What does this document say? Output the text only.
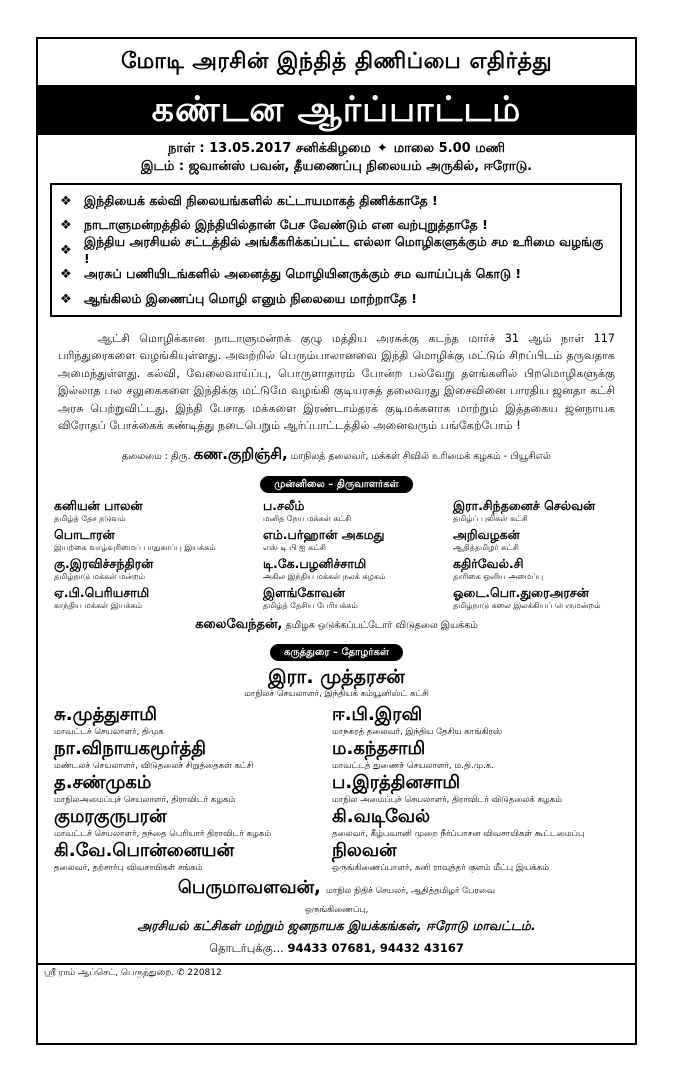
மோடி அரசின் இந்தித் திணிப்பை எதிர்த்து
கண்டன ஆர்ப்பாட்டம்
நாள் : 13.05.2017 சனிக்கிழமை ✦ மாலை 5.00 மணி
இடம் : ஜவான்ஸ் பவன், தீயணைப்பு நிலையம் அருகில், ஈரோடு.
❖ இந்தியைக் கல்வி நிலையங்களில் கட்டாயமாகத் திணிக்காதே !
❖ நாடாளுமன்றத்தில் இந்தியில்தான் பேச வேண்டும் என வற்புறுத்தாதே !
❖
இந்திய அரசியல் சட்டத்தில் அங்கீகரிக்கப்பட்ட எல்லா மொழிகளுக்கும் சம உரிமை வழங்கு !
❖ அரசுப் பணியிடங்களில் அனைத்து மொழியினருக்கும் சம வாய்ப்புக் கொடு !
❖ ஆங்கிலம் இணைப்பு மொழி எனும் நிலையை மாற்றாதே !

ஆட்சி மொழிக்கான நாடாளுமன்றக் குழு மத்திய அரசுக்கு கடந்த மார்ச் 31 ஆம் நாள் 117 பரிந்துரைகளை வழங்கியுள்ளது. அவற்றில் பெரும்பாலானவை இந்தி மொழிக்கு மட்டும் சிறப்பிடம் தருவதாக அமைந்துள்ளது. கல்வி, வேலைவாய்ப்பு, பொருளாதாரம் போன்ற பல்வேறு தளங்களில் பிறமொழிகளுக்கு இல்லாத பல சலுகைகளை இந்திக்கு மட்டுமே வழங்கி குடியரசுத் தலைவரது இசைவினை பாரதிய ஜனதா கட்சி அரசு பெற்றுவிட்டது. இந்தி பேசாத மக்களை இரண்டாம்தரக் குடிமக்களாக மாற்றும் இத்தகைய ஜனநாயக விரோதப் போக்கைக் கண்டித்து நடைபெறும் ஆர்ப்பாட்டத்தில் அனைவரும் பங்கேற்போம் !

தலைமை : திரு. கண.குறிஞ்சி, மாநிலத் தலைவர், மக்கள் சிவில் உரிமைக் கழகம் - பியூசிஎல்
முன்னிலை – திருவாளர்கள்
கனியன் பாலன்
தமிழ்த் தேச நடுவம்
ப.சலீம்
மனித நேய மக்கள் கட்சி
இரா.சிந்தனைச் செல்வன்
தமிழ்ப் புலிகள் கட்சி
பொடாரன்
இயற்கை வாழ்வுரிமைப் பாதுகாப்பு இயக்கம்
எம்.பர்ஹான் அகமது
எஸ் டி பி ஐ கட்சி
அறிவழகன்
ஆதித்தமிழர் கட்சி
கு.இரவிச்சந்திரன்
தமிழ்நாடு மக்கள் மன்றம்
டி.கே.பழனிச்சாமி
அகில இந்திய மக்கள் நலக் கழகம்
கதிர்வேல்.சி
தாரிகை ஒளிய அமைப்பு
ஏ.பி.பெரியசாமி
காந்திய மக்கள் இயக்கம்
இளங்கோவன்
தமிழ்த் தேசிய பேரியக்கம்
ஓடை.பொ.துரைஅரசன்
தமிழ்நாடு கலை இலக்கியப் பெருமன்றம்
கலைவேந்தன், தமிழக ஒடுக்கப்பட்டோர் விடுதலை இயக்கம்
கருத்துரை – தோழர்கள்
இரா. முத்தரசன்
மாநிலச் செயலாளர், இந்தியக் கம்யூனிஸ்ட் கட்சி
சு.முத்துசாமி
மாவட்டச் செயலாளர், திமுக
ஈ.பி.இரவி
மாநகரத் தலைவர், இந்திய தேசிய காங்கிரஸ்
நா.விநாயகமூர்த்தி
மண்டலச் செயலாளர், விடுதலைச் சிறுத்தைகள் கட்சி
ம.கந்தசாமி
மாவட்டத் துணைச் செயலாளர், ம.தி.மு.க.
த.சண்முகம்
மாநிலஅமைப்புச் செயலாளர், திராவிடர் கழகம்
ப.இரத்தினசாமி
மாநில அமைப்புச் செயலாளர், திராவிடர் விடுதலைக் கழகம்
குமரகுருபரன்
மாவட்டச் செயலாளர், தந்தை பெரியார் திராவிடர் கழகம்
கி.வடிவேல்
தலைவர், கீழ்பவானி முறை நீர்ப்பாசன விவசாயிகள் கூட்டமைப்பு
கி.வே.பொன்னையன்
தலைவர், தற்சார்பு விவசாயிகள் சங்கம்
நிலவன்
ஒருங்கிணைப்பாளர், கனி ராவுத்தர் குளம் மீட்பு இயக்கம்
பெருமாவளவன், மாநில நிதிச் செயலர், ஆதித்தமிழர் பேரவை
ஒருங்கிணைப்பு,
அரசியல் கட்சிகள் மற்றும் ஜனநாயக இயக்கங்கள், ஈரோடு மாவட்டம்.
தொடர்புக்கு... 94433 07681, 94432 43167
ஸ்ரீ ராம் ஆப்செட், பெருந்துறை. ✆ 220812
